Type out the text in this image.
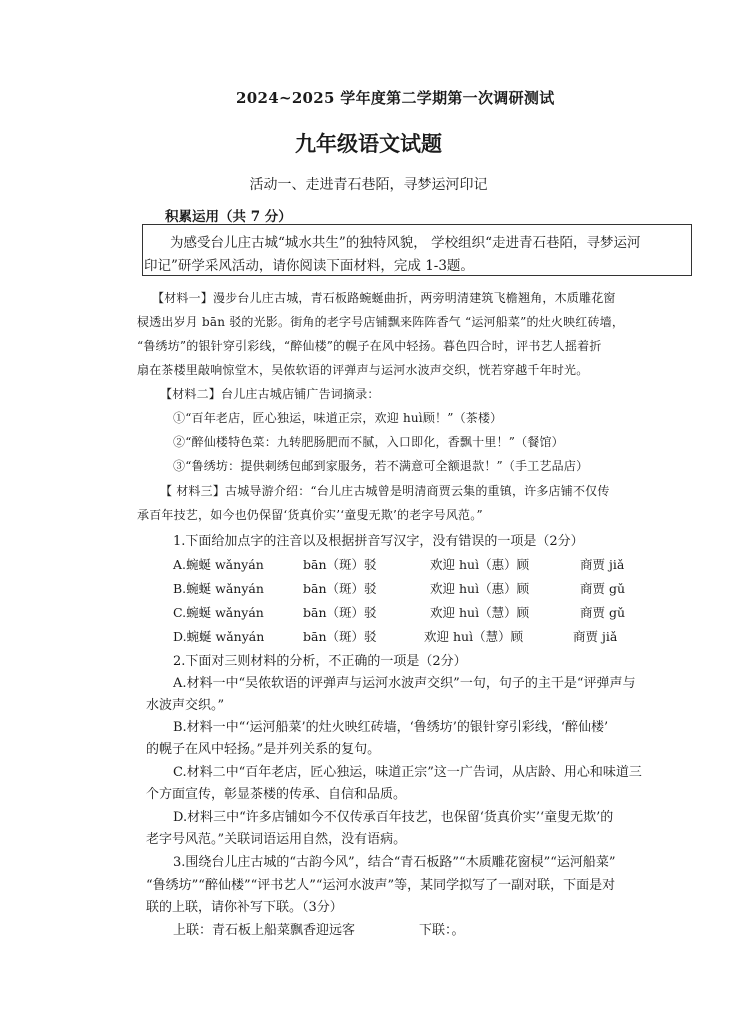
2024~2025 学年度第二学期第一次调研测试
九年级语文试题
活动一、走进青石巷陌，寻梦运河印记
积累运用（共 7 分）
为感受台儿庄古城“城水共生”的独特风貌， 学校组织“走进青石巷陌，寻梦运河
印记”研学采风活动，请你阅读下面材料，完成 1-3题。
【材料一】漫步台儿庄古城，青石板路蜿蜒曲折，两旁明清建筑飞檐翘角，木质雕花窗
棂透出岁月 bān 驳的光影。街角的老字号店铺飘来阵阵香气 “运河船菜”的灶火映红砖墙，
“鲁绣坊”的银针穿引彩线，“醉仙楼”的幌子在风中轻扬。暮色四合时，评书艺人摇着折
扇在茶楼里敲响惊堂木，吴侬软语的评弹声与运河水波声交织，恍若穿越千年时光。
【材料二】台儿庄古城店铺广告词摘录：
①“百年老店，匠心独运，味道正宗，欢迎 huì顾！”（茶楼）
②“醉仙楼特色菜：九转肥肠肥而不腻，入口即化，香飘十里！”（餐馆）
③“鲁绣坊：提供刺绣包邮到家服务，若不满意可全额退款！”（手工艺品店）
【 材料三】古城导游介绍：“台儿庄古城曾是明清商贾云集的重镇，许多店铺不仅传
承百年技艺，如今也仍保留‘货真价实’‘童叟无欺’的老字号风范。”
1.下面给加点字的注音以及根据拼音写汉字，没有错误的一项是（2分）
A.蜿蜒 wǎnyán	bān（斑）驳	欢迎 huì（惠）顾	商贾 jiǎ
B.蜿蜒 wǎnyán	bān（斑）驳	欢迎 huì（惠）顾	商贾 gǔ
C.蜿蜒 wǎnyán	bān（斑）驳	欢迎 huì（慧）顾	商贾 gǔ
D.蜿蜒 wǎnyán	bān（斑）驳	欢迎 huì（慧）顾	商贾 jiǎ
2.下面对三则材料的分析，不正确的一项是（2分）
A.材料一中“吴侬软语的评弹声与运河水波声交织”一句，句子的主干是“评弹声与
水波声交织。”
B.材料一中“‘运河船菜’的灶火映红砖墙，‘鲁绣坊’的银针穿引彩线，‘醉仙楼’
的幌子在风中轻扬。”是并列关系的复句。
C.材料二中“百年老店，匠心独运，味道正宗”这一广告词，从店龄、用心和味道三
个方面宣传，彰显茶楼的传承、自信和品质。
D.材料三中“许多店铺如今不仅传承百年技艺，也保留‘货真价实’‘童叟无欺’的
老字号风范。”关联词语运用自然，没有语病。
3.围绕台儿庄古城的“古韵今风”，结合“青石板路”“木质雕花窗棂”“运河船菜”
“鲁绣坊”“醉仙楼”“评书艺人”“运河水波声”等，某同学拟写了一副对联，下面是对
联的上联，请你补写下联。（3分）
上联：青石板上船菜飘香迎远客	下联：。
